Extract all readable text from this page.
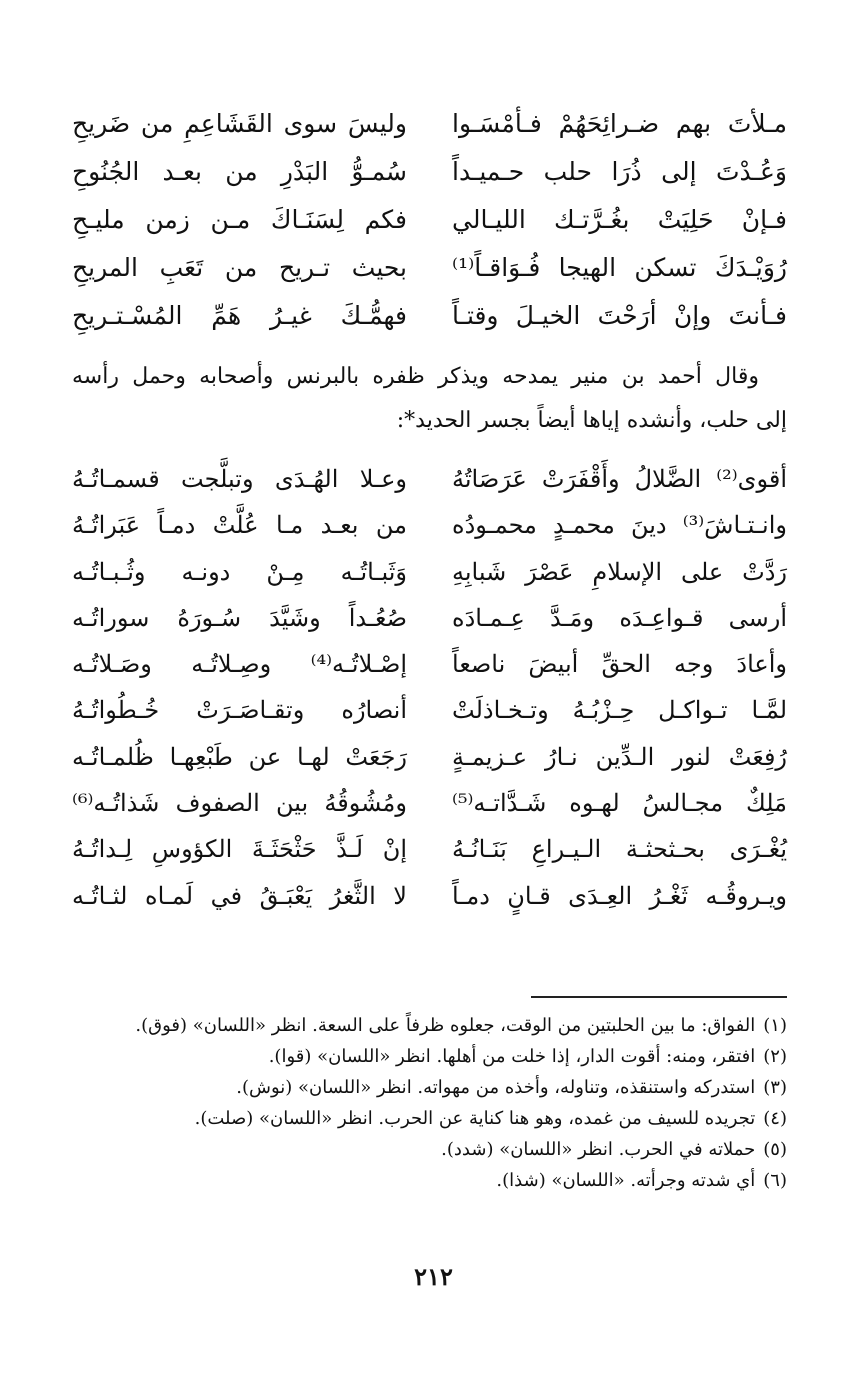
مـلأتَ بهم ضـرائِحَهُمْ فـأمْسَـوا
وليسَ سوى القَشَاعِمِ من ضَريحِ
وَعُـدْتَ إلى ذُرَا حلب حـميـداً
سُمـوُّ البَدْرِ من بعـد الجُنُوحِ
فـإنْ حَلِيَتْ بغُـرَّتـك الليـالي
فكم لِسَنَـاكَ مـن زمن مليـحِ
رُوَيْـدَكَ تسكن الهيجا فُـوَاقـاً⁽¹⁾
بحيث تـريح من تَعَبِ المريحِ
فـأنتَ وإنْ أرَحْتَ الخيـلَ وقتـاً
فهمُّـكَ غيـرُ هَمِّ المُسْـتـريحِ
وقال أحمد بن منير يمدحه ويذكر ظفره بالبرنس وأصحابه وحمل رأسه
إلى حلب، وأنشده إياها أيضاً بجسر الحديد*:
أقوى⁽²⁾ الضَّلالُ وأَقْفَرَتْ عَرَصَاتُهُ
وعـلا الهُـدَى وتبلَّجت قسمـاتُـهُ
وانـتـاشَ⁽³⁾ دينَ محمـدٍ محمـودُه
من بعـد مـا عُلَّتْ دمـاً عَبَراتُـهُ
رَدَّتْ على الإسلامِ عَصْرَ شَبابِهِ
وَثَبـاتُـه مِـنْ دونـه وثُـبـاتُـه
أرسى قـواعِـدَه ومَـدَّ عِـمـادَه
صُعُـداً وشَيَّدَ سُـورَهُ سوراتُـه
وأعادَ وجه الحقِّ أبيضَ ناصعاً
إصْـلاتُـه⁽⁴⁾ وصِـلاتُـه وصَـلاتُـه
لمَّـا تـواكـل حِـزْبُـهُ وتـخـاذلَتْ
أنصارُه وتقـاصَـرَتْ خُـطُواتُـهُ
رُفِعَتْ لنور الـدِّين نـارُ عـزيمـةٍ
رَجَعَتْ لهـا عن طَبْعِهـا ظُلمـاتُـه
مَلِكٌ مجـالسُ لهـوه شَـدَّاتـه⁽⁵⁾
ومُشُوقُهُ بين الصفوف شَذاتُـه⁽⁶⁾
يُغْـرَى بحـثحثـة الـيـراعِ بَنَـانُـهُ
إنْ لَـذَّ حَثْحَثَـةَ الكؤوسِ لِـداتُـهُ
ويـروقُـه ثَغْـرُ العِـدَى قـانٍ دمـاً
لا الثَّغرُ يَعْبَـقُ في لَمـاه لثـاتُـه
(١)الفواق: ما بين الحلبتين من الوقت، جعلوه ظرفاً على السعة. انظر «اللسان» (فوق).
(٢)افتقر، ومنه: أقوت الدار، إذا خلت من أهلها. انظر «اللسان» (قوا).
(٣)استدركه واستنقذه، وتناوله، وأخذه من مهواته. انظر «اللسان» (نوش).
(٤)تجريده للسيف من غمده، وهو هنا كناية عن الحرب. انظر «اللسان» (صلت).
(٥)حملاته في الحرب. انظر «اللسان» (شدد).
(٦)أي شدته وجرأته. «اللسان» (شذا).
٢١٢
